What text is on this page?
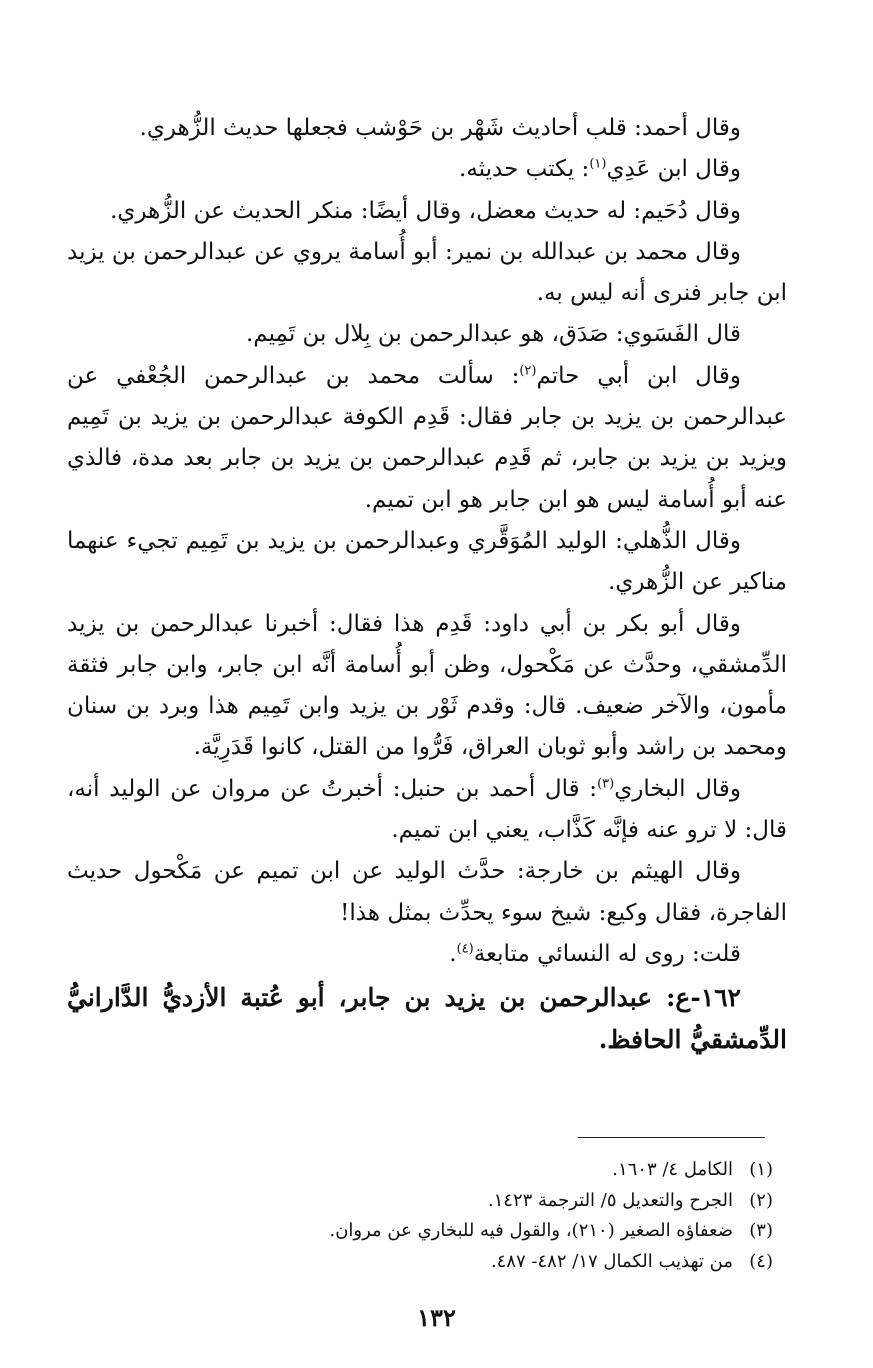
وقال أحمد: قلب أحاديث شَهْر بن حَوْشب فجعلها حديث الزُّهري.

وقال ابن عَدِي$^{(١)}$: يكتب حديثه.

وقال دُحَيم: له حديث معضل، وقال أيضًا: منكر الحديث عن الزُّهري.

وقال محمد بن عبدالله بن نمير: أبو أُسامة يروي عن عبدالرحمن بن يزيد ابن جابر فنرى أنه ليس به.

قال الفَسَوي: صَدَق، هو عبدالرحمن بن بِلال بن تَمِيم.

وقال ابن أبي حاتم$^{(٢)}$: سألت محمد بن عبدالرحمن الجُعْفي عن عبدالرحمن بن يزيد بن جابر فقال: قَدِم الكوفة عبدالرحمن بن يزيد بن تَمِيم ويزيد بن يزيد بن جابر، ثم قَدِم عبدالرحمن بن يزيد بن جابر بعد مدة، فالذي عنه أبو أُسامة ليس هو ابن جابر هو ابن تميم.

وقال الذُّهلي: الوليد المُوَقَّري وعبدالرحمن بن يزيد بن تَمِيم تجيء عنهما مناكير عن الزُّهري.

وقال أبو بكر بن أبي داود: قَدِم هذا فقال: أخبرنا عبدالرحمن بن يزيد الدِّمشقي، وحدَّث عن مَكْحول، وظن أبو أُسامة أنَّه ابن جابر، وابن جابر فثقة مأمون، والآخر ضعيف. قال: وقدم ثَوْر بن يزيد وابن تَمِيم هذا وبرد بن سنان ومحمد بن راشد وأبو ثوبان العراق، فَرُّوا من القتل، كانوا قَدَرِيَّة.

وقال البخاري$^{(٣)}$: قال أحمد بن حنبل: أخبرتُ عن مروان عن الوليد أنه، قال: لا ترو عنه فإنَّه كَذَّاب، يعني ابن تميم.

وقال الهيثم بن خارجة: حدَّث الوليد عن ابن تميم عن مَكْحول حديث الفاجرة، فقال وكيع: شيخ سوء يحدِّث بمثل هذا!

قلت: روى له النسائي متابعة$^{(٤)}$.

١٦٢-ع: عبدالرحمن بن يزيد بن جابر، أبو عُتبة الأزديُّ الدَّارانيُّ الدِّمشقيُّ الحافظ.

(١)
الكامل ٤/ ١٦٠٣.
(٢)
الجرح والتعديل ٥/ الترجمة ١٤٢٣.
(٣)
ضعفاؤه الصغير (٢١٠)، والقول فيه للبخاري عن مروان.
(٤)
من تهذيب الكمال ١٧/ ٤٨٢- ٤٨٧.
١٣٢
